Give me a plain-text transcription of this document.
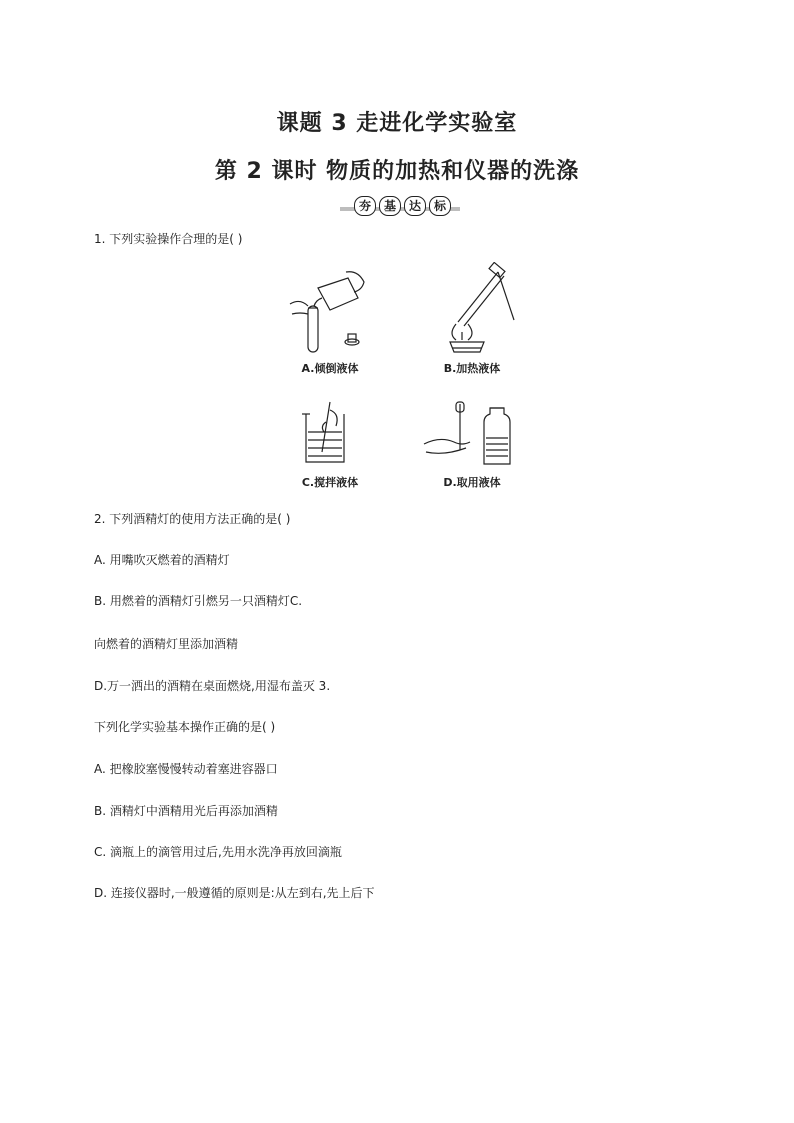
课题 3 走进化学实验室
第 2 课时 物质的加热和仪器的洗涤
夯	基	达	标
1. 下列实验操作合理的是( )
A.倾倒液体	B.加热液体
C.搅拌液体	D.取用液体
2. 下列酒精灯的使用方法正确的是( )
A. 用嘴吹灭燃着的酒精灯
B. 用燃着的酒精灯引燃另一只酒精灯C.
向燃着的酒精灯里添加酒精
D.万一洒出的酒精在桌面燃烧,用湿布盖灭 3.
下列化学实验基本操作正确的是( )
A. 把橡胶塞慢慢转动着塞进容器口
B. 酒精灯中酒精用光后再添加酒精
C. 滴瓶上的滴管用过后,先用水洗净再放回滴瓶
D. 连接仪器时,一般遵循的原则是:从左到右,先上后下
